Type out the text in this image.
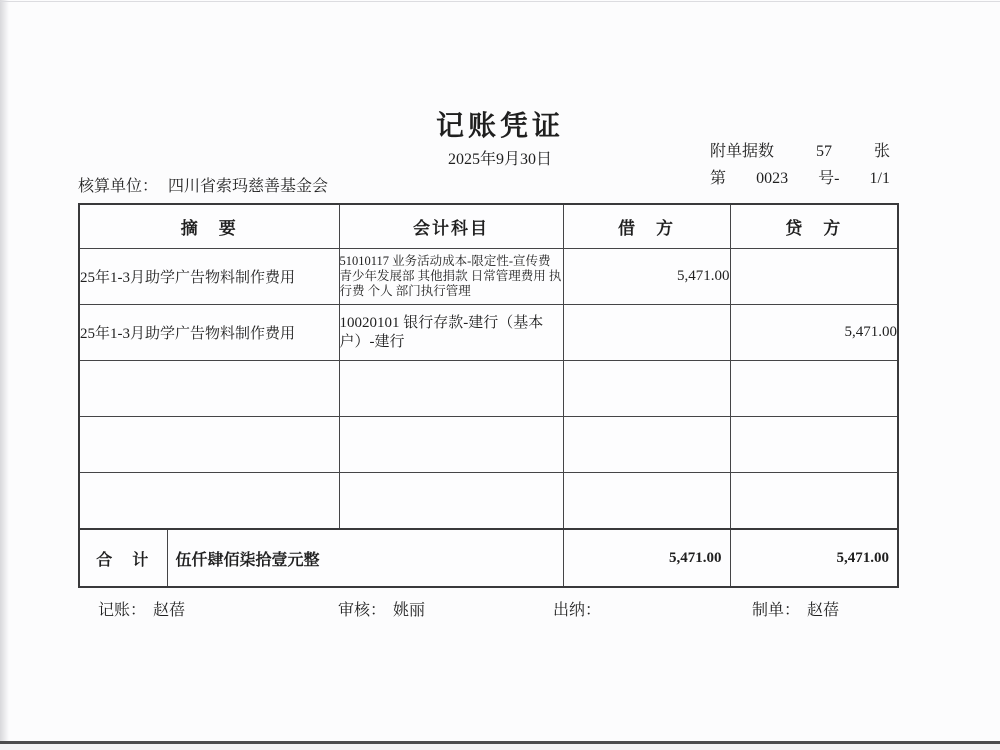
记账凭证
2025年9月30日	附单据数	57	张
第 0023 号- 1/1
核算单位： 四川省索玛慈善基金会
摘　要		会计科目	借　方	贷　方
25年1-3月助学广告物料制作费用		51010117 业务活动成本-限定性-宣传费 青少年发展部 其他捐款 日常管理费用 执行费 个人 部门执行管理	5,471.00	
25年1-3月助学广告物料制作费用		10020101 银行存款-建行（基本户）-建行		5,471.00

合　计	伍仟肆佰柒拾壹元整		5,471.00	5,471.00
记账： 赵蓓	审核： 姚丽	出纳：	制单： 赵蓓
